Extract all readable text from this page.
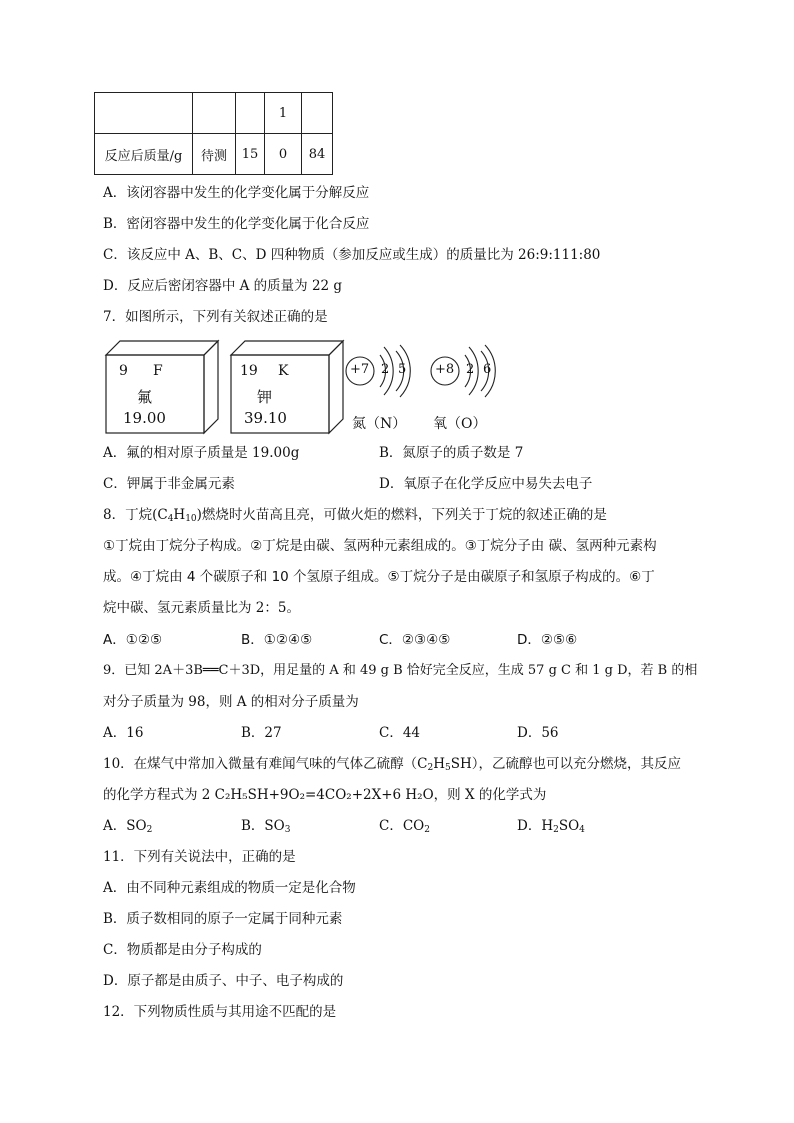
			1	
反应后质量/g	待测	15	0	84
A．该闭容器中发生的化学变化属于分解反应
B．密闭容器中发生的化学变化属于化合反应
C．该反应中 A、B、C、D 四种物质（参加反应或生成）的质量比为 26:9:111:80
D．反应后密闭容器中 A 的质量为 22 g
7．如图所示，下列有关叙述正确的是
9 F
氟
19.00
19 K
钾
39.10
+7 2 5
氮（N）
+8 2 6
氧（O）
A．氟的相对原子质量是 19.00g	B．氮原子的质子数是 7
C．钾属于非金属元素	D．氧原子在化学反应中易失去电子
8．丁烷$(C_4H_{10})$燃烧时火苗高且亮，可做火炬的燃料，下列关于丁烷的叙述正确的是
①丁烷由丁烷分子构成。②丁烷是由碳、氢两种元素组成的。③丁烷分子由 碳、氢两种元素构
成。④丁烷由 4 个碳原子和 10 个氢原子组成。⑤丁烷分子是由碳原子和氢原子构成的。⑥丁
烷中碳、氢元素质量比为 2：5。
A．①②⑤	B．①②④⑤	C．②③④⑤	D．②⑤⑥
9．已知 2A＋3B══C＋3D，用足量的 A 和 49 g B 恰好完全反应，生成 57 g C 和 1 g D，若 B 的相
对分子质量为 98，则 A 的相对分子质量为
A．16	B．27	C．44	D．56
10．在煤气中常加入微量有难闻气味的气体乙硫醇$(C_2H_5SH)$，乙硫醇也可以充分燃烧，其反应
的化学方程式为 2 C₂H₅SH+9O₂=4CO₂+2X+6 H₂O，则 X 的化学式为
A．$SO_2$	B．$SO_3$	C．$CO_2$	D．$H_2SO_4$
11．下列有关说法中，正确的是
A．由不同种元素组成的物质一定是化合物
B．质子数相同的原子一定属于同种元素
C．物质都是由分子构成的
D．原子都是由质子、中子、电子构成的
12．下列物质性质与其用途不匹配的是
